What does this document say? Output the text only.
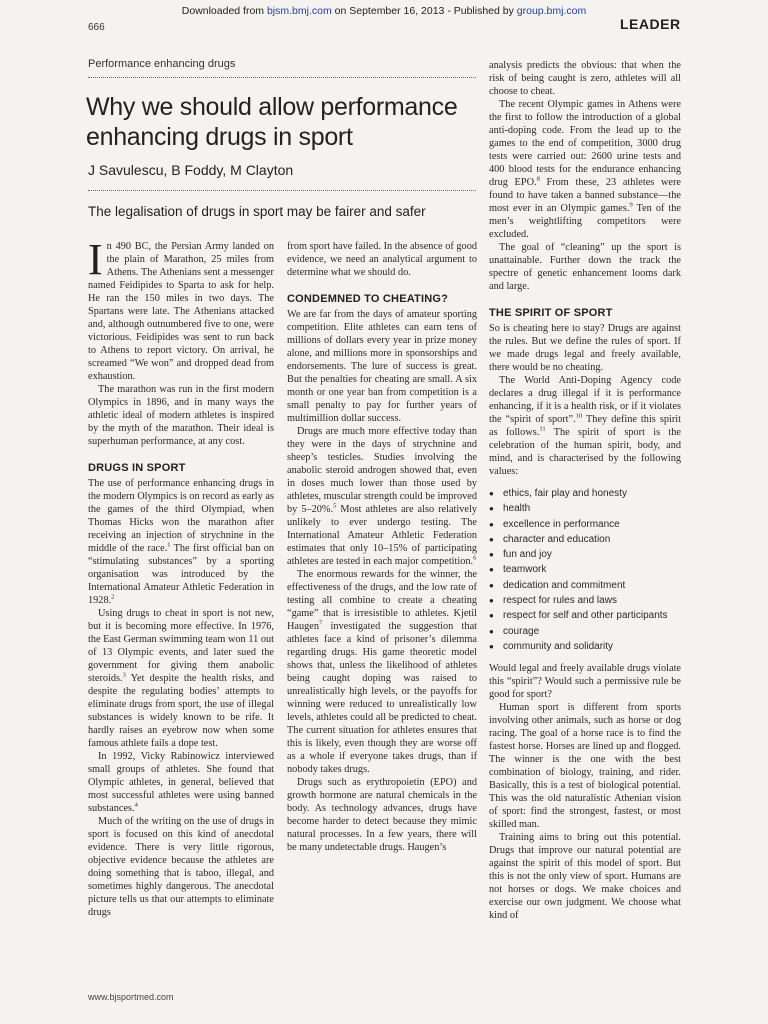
Downloaded from bjsm.bmj.com on September 16, 2013 - Published by group.bmj.com
666	LEADER
Performance enhancing drugs
Why we should allow performance enhancing drugs in sport
J Savulescu, B Foddy, M Clayton
The legalisation of drugs in sport may be fairer and safer

In 490 BC, the Persian Army landed on the plain of Marathon, 25 miles from Athens. The Athenians sent a messenger named Feidipides to Sparta to ask for help. He ran the 150 miles in two days. The Spartans were late. The Athenians attacked and, although outnumbered five to one, were victorious. Feidipides was sent to run back to Athens to report victory. On arrival, he screamed “We won” and dropped dead from exhaustion.

The marathon was run in the first modern Olympics in 1896, and in many ways the athletic ideal of modern athletes is inspired by the myth of the marathon. Their ideal is superhuman performance, at any cost.

DRUGS IN SPORT

The use of performance enhancing drugs in the modern Olympics is on record as early as the games of the third Olympiad, when Thomas Hicks won the marathon after receiving an injection of strychnine in the middle of the race.$^1$ The first official ban on “stimulating substances” by a sporting organisation was introduced by the International Amateur Athletic Federation in 1928.$^2$

Using drugs to cheat in sport is not new, but it is becoming more effective. In 1976, the East German swimming team won 11 out of 13 Olympic events, and later sued the government for giving them anabolic steroids.$^3$ Yet despite the health risks, and despite the regulating bodies’ attempts to eliminate drugs from sport, the use of illegal substances is widely known to be rife. It hardly raises an eyebrow now when some famous athlete fails a dope test.

In 1992, Vicky Rabinowicz interviewed small groups of athletes. She found that Olympic athletes, in general, believed that most successful athletes were using banned substances.$^4$

Much of the writing on the use of drugs in sport is focused on this kind of anecdotal evidence. There is very little rigorous, objective evidence because the athletes are doing something that is taboo, illegal, and sometimes highly dangerous. The anecdotal picture tells us that our attempts to eliminate drugs

from sport have failed. In the absence of good evidence, we need an analytical argument to determine what we should do.

CONDEMNED TO CHEATING?

We are far from the days of amateur sporting competition. Elite athletes can earn tens of millions of dollars every year in prize money alone, and millions more in sponsorships and endorsements. The lure of success is great. But the penalties for cheating are small. A six month or one year ban from competition is a small penalty to pay for further years of multimillion dollar success.

Drugs are much more effective today than they were in the days of strychnine and sheep’s testicles. Studies involving the anabolic steroid androgen showed that, even in doses much lower than those used by athletes, muscular strength could be improved by 5–20%.$^5$ Most athletes are also relatively unlikely to ever undergo testing. The International Amateur Athletic Federation estimates that only 10–15% of participating athletes are tested in each major competition.$^6$

The enormous rewards for the winner, the effectiveness of the drugs, and the low rate of testing all combine to create a cheating “game” that is irresistible to athletes. Kjetil Haugen$^7$ investigated the suggestion that athletes face a kind of prisoner’s dilemma regarding drugs. His game theoretic model shows that, unless the likelihood of athletes being caught doping was raised to unrealistically high levels, or the payoffs for winning were reduced to unrealistically low levels, athletes could all be predicted to cheat. The current situation for athletes ensures that this is likely, even though they are worse off as a whole if everyone takes drugs, than if nobody takes drugs.

Drugs such as erythropoietin (EPO) and growth hormone are natural chemicals in the body. As technology advances, drugs have become harder to detect because they mimic natural processes. In a few years, there will be many undetectable drugs. Haugen’s

analysis predicts the obvious: that when the risk of being caught is zero, athletes will all choose to cheat.

The recent Olympic games in Athens were the first to follow the introduction of a global anti-doping code. From the lead up to the games to the end of competition, 3000 drug tests were carried out: 2600 urine tests and 400 blood tests for the endurance enhancing drug EPO.$^8$ From these, 23 athletes were found to have taken a banned substance—the most ever in an Olympic games.$^9$ Ten of the men’s weightlifting competitors were excluded.

The goal of “cleaning” up the sport is unattainable. Further down the track the spectre of genetic enhancement looms dark and large.

THE SPIRIT OF SPORT

So is cheating here to stay? Drugs are against the rules. But we define the rules of sport. If we made drugs legal and freely available, there would be no cheating.

The World Anti-Doping Agency code declares a drug illegal if it is performance enhancing, if it is a health risk, or if it violates the “spirit of sport”.$^{10}$ They define this spirit as follows.$^{11}$ The spirit of sport is the celebration of the human spirit, body, and mind, and is characterised by the following values:

● ethics, fair play and honesty
● health
● excellence in performance
● character and education
● fun and joy
● teamwork
● dedication and commitment
● respect for rules and laws
● respect for self and other participants
● courage
● community and solidarity

Would legal and freely available drugs violate this “spirit”? Would such a permissive rule be good for sport?

Human sport is different from sports involving other animals, such as horse or dog racing. The goal of a horse race is to find the fastest horse. Horses are lined up and flogged. The winner is the one with the best combination of biology, training, and rider. Basically, this is a test of biological potential. This was the old naturalistic Athenian vision of sport: find the strongest, fastest, or most skilled man.

Training aims to bring out this potential. Drugs that improve our natural potential are against the spirit of this model of sport. But this is not the only view of sport. Humans are not horses or dogs. We make choices and exercise our own judgment. We choose what kind of

www.bjsportmed.com
